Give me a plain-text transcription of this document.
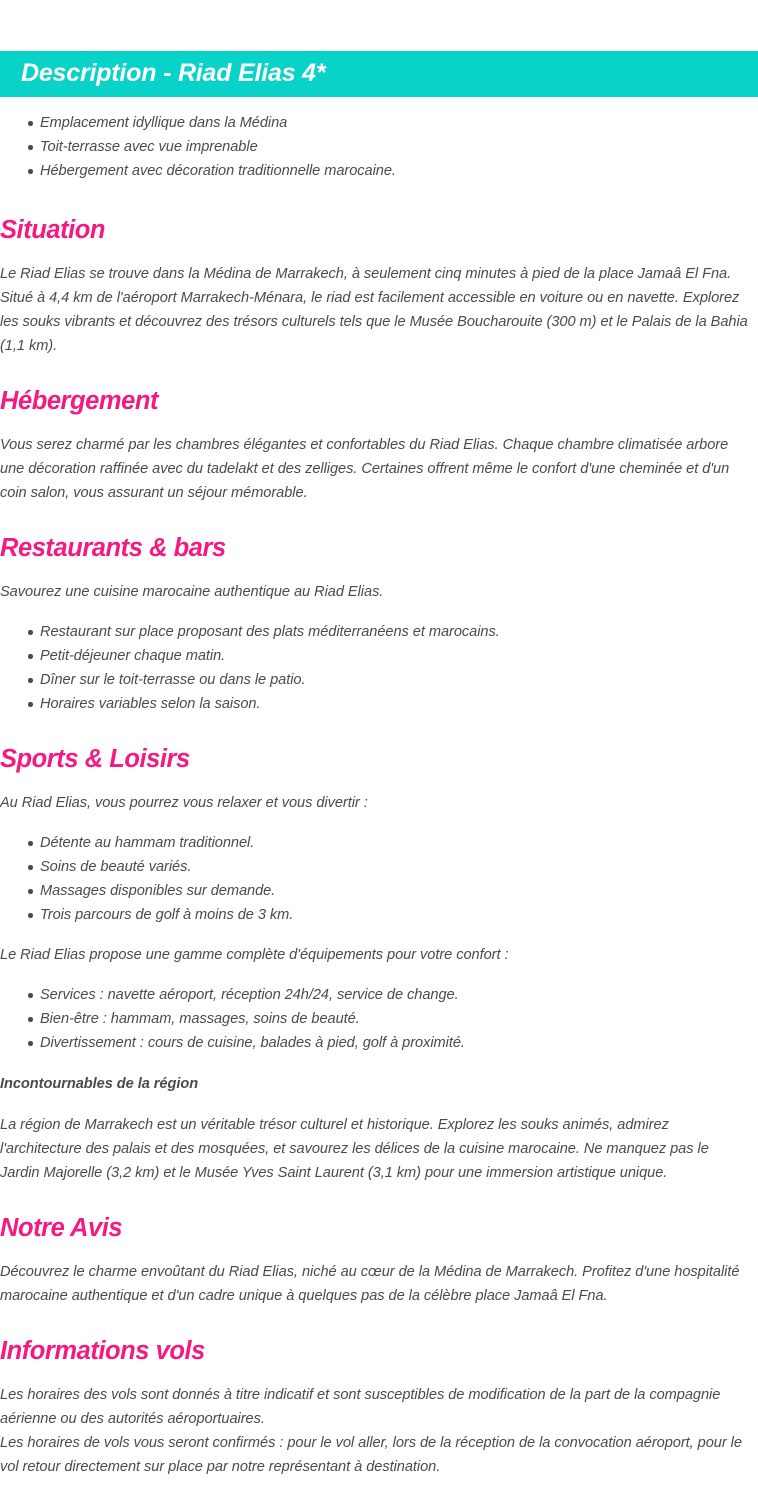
Description - Riad Elias 4*
Emplacement idyllique dans la Médina
Toit-terrasse avec vue imprenable
Hébergement avec décoration traditionnelle marocaine.
Situation

Le Riad Elias se trouve dans la Médina de Marrakech, à seulement cinq minutes à pied de la place Jamaâ El Fna. Situé à 4,4 km de l'aéroport Marrakech-Ménara, le riad est facilement accessible en voiture ou en navette. Explorez les souks vibrants et découvrez des trésors culturels tels que le Musée Boucharouite (300 m) et le Palais de la Bahia (1,1 km).

Hébergement

Vous serez charmé par les chambres élégantes et confortables du Riad Elias. Chaque chambre climatisée arbore une décoration raffinée avec du tadelakt et des zelliges. Certaines offrent même le confort d'une cheminée et d'un coin salon, vous assurant un séjour mémorable.

Restaurants & bars

Savourez une cuisine marocaine authentique au Riad Elias.

Restaurant sur place proposant des plats méditerranéens et marocains.
Petit-déjeuner chaque matin.
Dîner sur le toit-terrasse ou dans le patio.
Horaires variables selon la saison.
Sports & Loisirs

Au Riad Elias, vous pourrez vous relaxer et vous divertir :

Détente au hammam traditionnel.
Soins de beauté variés.
Massages disponibles sur demande.
Trois parcours de golf à moins de 3 km.

Le Riad Elias propose une gamme complète d'équipements pour votre confort :

Services : navette aéroport, réception 24h/24, service de change.
Bien-être : hammam, massages, soins de beauté.
Divertissement : cours de cuisine, balades à pied, golf à proximité.
Incontournables de la région

La région de Marrakech est un véritable trésor culturel et historique. Explorez les souks animés, admirez l'architecture des palais et des mosquées, et savourez les délices de la cuisine marocaine. Ne manquez pas le Jardin Majorelle (3,2 km) et le Musée Yves Saint Laurent (3,1 km) pour une immersion artistique unique.

Notre Avis

Découvrez le charme envoûtant du Riad Elias, niché au cœur de la Médina de Marrakech. Profitez d'une hospitalité marocaine authentique et d'un cadre unique à quelques pas de la célèbre place Jamaâ El Fna.

Informations vols

Les horaires des vols sont donnés à titre indicatif et sont susceptibles de modification de la part de la compagnie aérienne ou des autorités aéroportuaires.

Les horaires de vols vous seront confirmés : pour le vol aller, lors de la réception de la convocation aéroport, pour le vol retour directement sur place par notre représentant à destination.
